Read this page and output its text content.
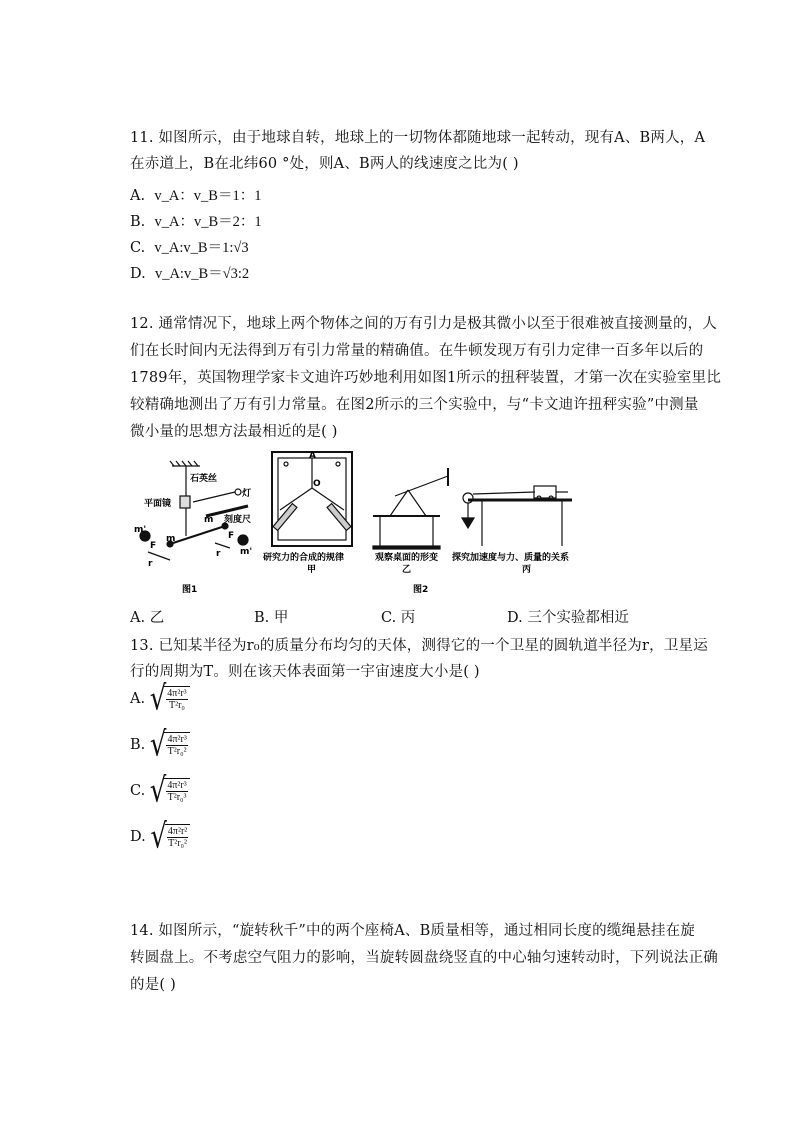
11. 如图所示，由于地球自转，地球上的一切物体都随地球一起转动，现有A、B两人，A
在赤道上，B在北纬60 °处，则A、B两人的线速度之比为( )
A. v_A：v_B＝1：1
B. v_A：v_B＝2：1
C. v_A:v_B＝1:√3
D. v_A:v_B＝√3:2
12. 通常情况下，地球上两个物体之间的万有引力是极其微小以至于很难被直接测量的，人
们在长时间内无法得到万有引力常量的精确值。在牛顿发现万有引力定律一百多年以后的
1789年，英国物理学家卡文迪许巧妙地利用如图1所示的扭秤装置，才第一次在实验室里比
较精确地测出了万有引力常量。在图2所示的三个实验中，与“卡文迪许扭秤实验”中测量
微小量的思想方法最相近的是( )
石英丝
平面镜
灯
刻度尺
m'
F
m
m
F
m'
r
r
图1
A
O
研究力的合成的规律
甲
观察桌面的形变
乙
探究加速度与力、质量的关系
丙
图2
A. 乙	B. 甲	C. 丙	D. 三个实验都相近
13. 已知某半径为r₀的质量分布均匀的天体，测得它的一个卫星的圆轨道半径为r，卫星运
行的周期为T。则在该天体表面第一宇宙速度大小是( )
A. √ $\frac{\text{4π²r³}}{\text{T²r₀}}$
B. √ $\frac{\text{4π²r³}}{\text{T²r₀²}}$
C. √ $\frac{\text{4π²r³}}{\text{T²r₀³}}$
D. √ $\frac{\text{4π²r²}}{\text{T²r₀²}}$
14. 如图所示，“旋转秋千”中的两个座椅A、B质量相等，通过相同长度的缆绳悬挂在旋
转圆盘上。不考虑空气阻力的影响，当旋转圆盘绕竖直的中心轴匀速转动时，下列说法正确
的是( )
